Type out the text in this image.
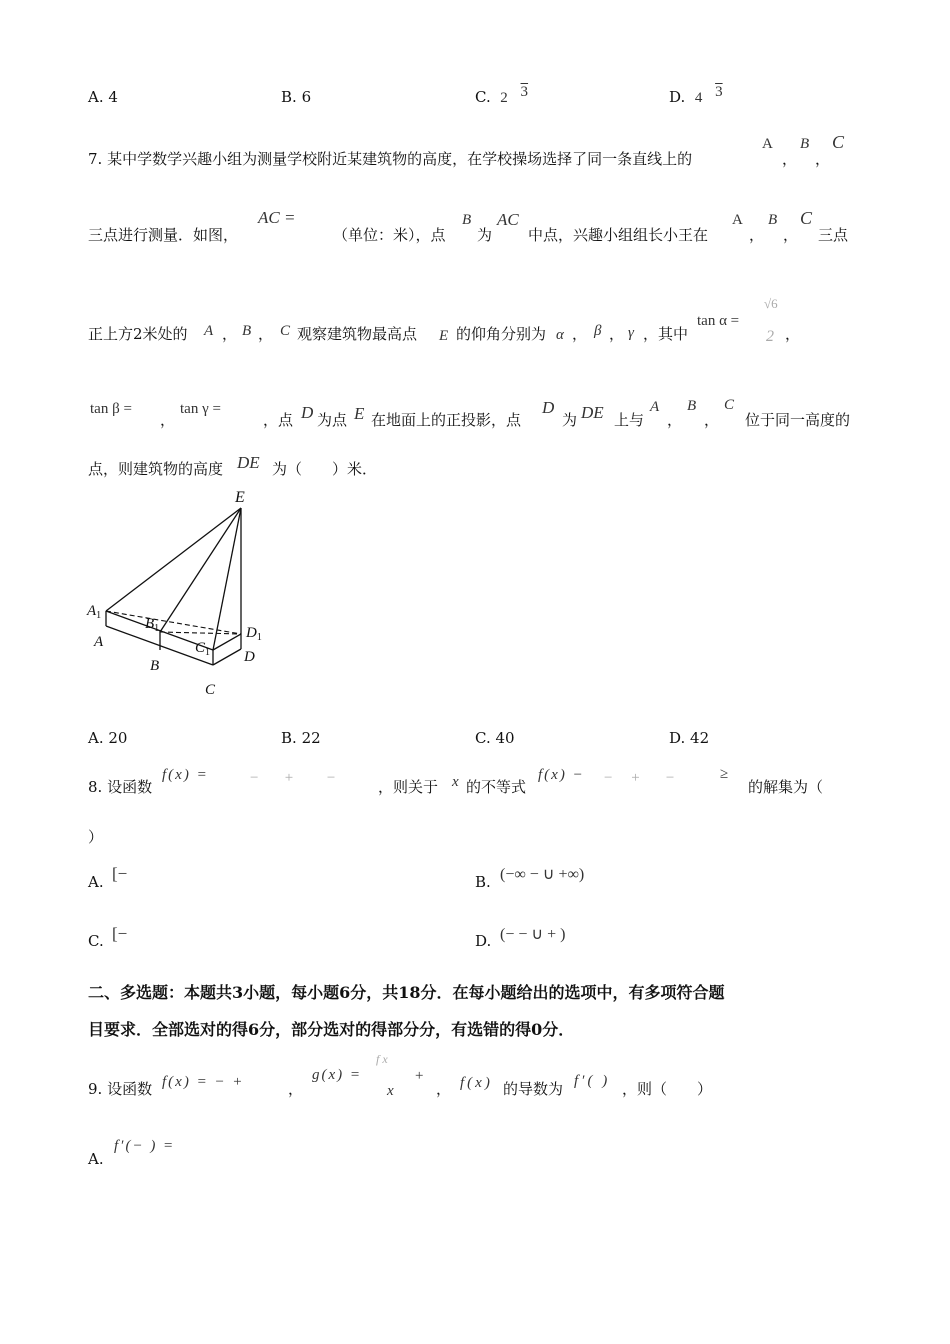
A. 4	B. 6	C. 2 3	D. 4 3
7. 某中学数学兴趣小组为测量学校附近某建筑物的高度，在学校操场选择了同一条直线上的
A
，
B
，
C
三点进行测量．如图，
AC =
（单位：米），点
B
为
AC
中点，兴趣小组组长小王在
A
，
B
，
C
三点
正上方2米处的 A ， B ， C 观察建筑物最高点 E 的仰角分别为 α ， β ， γ ，其中
tan α =
√6
2 ，
tan β =
，
tan γ =
，点 D 为点 E 在地面上的正投影，点
D
为 DE 上与
A
，
B
，
C
位于同一高度的
点，则建筑物的高度 DE 为（　　）米．
E
$A_1$
$B_1$
$C_1$
$D_1$
A
B
C
D
A. 20	B. 22	C. 40	D. 42
8. 设函数
f(x) =	−       +         −	，则关于 x 的不等式
f(x) − −     +       −	≥
的解集为（
）
A. [−	B. (−∞ − ∪ +∞)
C. [−	D. (− − ∪ + )
二、多选题：本题共3小题，每小题6分，共18分．在每小题给出的选项中，有多项符合题
目要求．全部选对的得6分，部分选对的得部分分，有选错的得0分．
9. 设函数 f(x) = − +	，
g(x) =
f x
x
+
， f(x) 的导数为 f′( ) ，则（　　）
A.
f′(− ) =
